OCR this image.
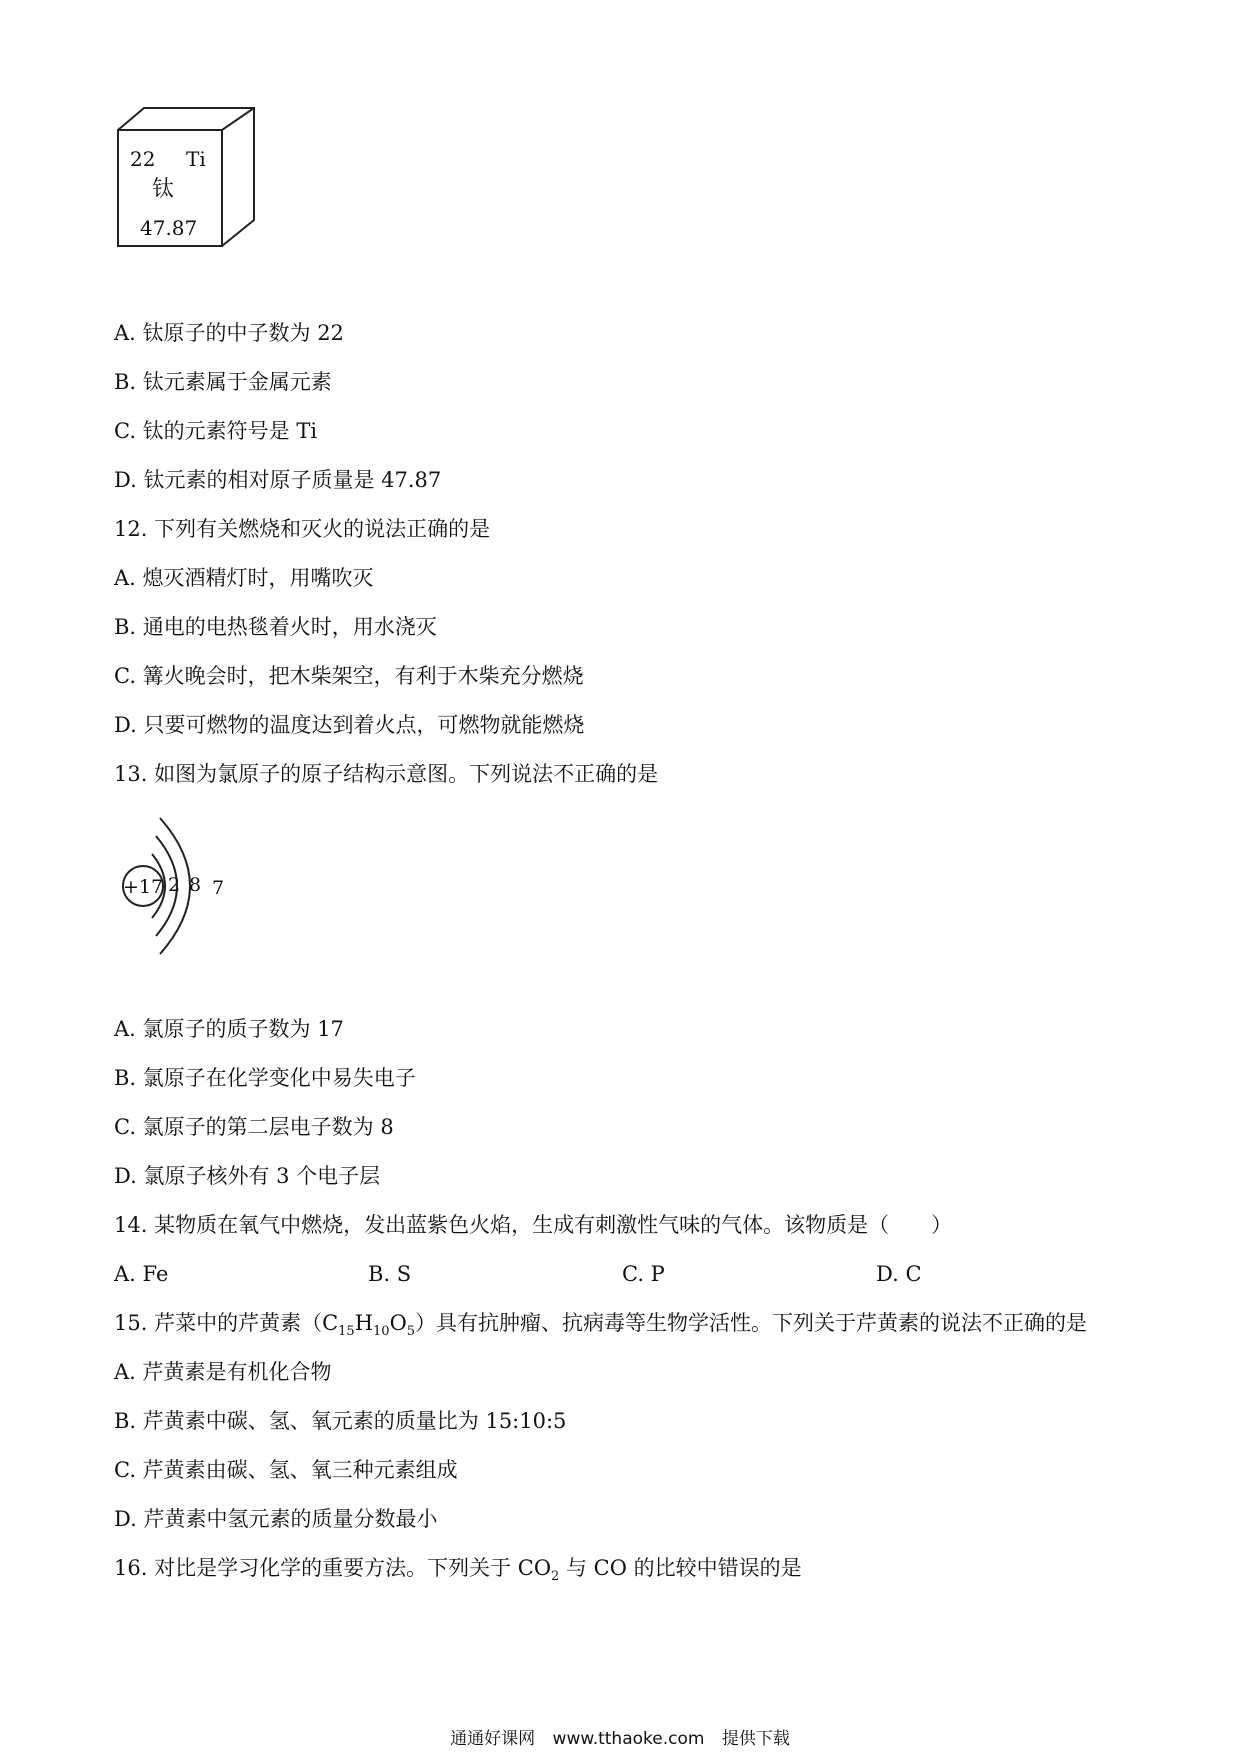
22 Ti
钛
47.87
A. 钛原子的中子数为 22
B. 钛元素属于金属元素
C. 钛的元素符号是 Ti
D. 钛元素的相对原子质量是 47.87
12. 下列有关燃烧和灭火的说法正确的是
A. 熄灭酒精灯时，用嘴吹灭
B. 通电的电热毯着火时，用水浇灭
C. 篝火晚会时，把木柴架空，有利于木柴充分燃烧
D. 只要可燃物的温度达到着火点，可燃物就能燃烧
13. 如图为氯原子的原子结构示意图。下列说法不正确的是
+17 2 8 7
A. 氯原子的质子数为 17
B. 氯原子在化学变化中易失电子
C. 氯原子的第二层电子数为 8
D. 氯原子核外有 3 个电子层
14. 某物质在氧气中燃烧，发出蓝紫色火焰，生成有刺激性气味的气体。该物质是（　　）
A. Fe	B. S	C. P	D. C
15. 芹菜中的芹黄素$(C_{15}H_{10}O_5)$具有抗肿瘤、抗病毒等生物学活性。下列关于芹黄素的说法不正确的是
A. 芹黄素是有机化合物
B. 芹黄素中碳、氢、氧元素的质量比为 15:10:5
C. 芹黄素由碳、氢、氧三种元素组成
D. 芹黄素中氢元素的质量分数最小
16. 对比是学习化学的重要方法。下列关于 $CO_2$ 与 CO 的比较中错误的是
通通好课网 www.tthaoke.com 提供下载
